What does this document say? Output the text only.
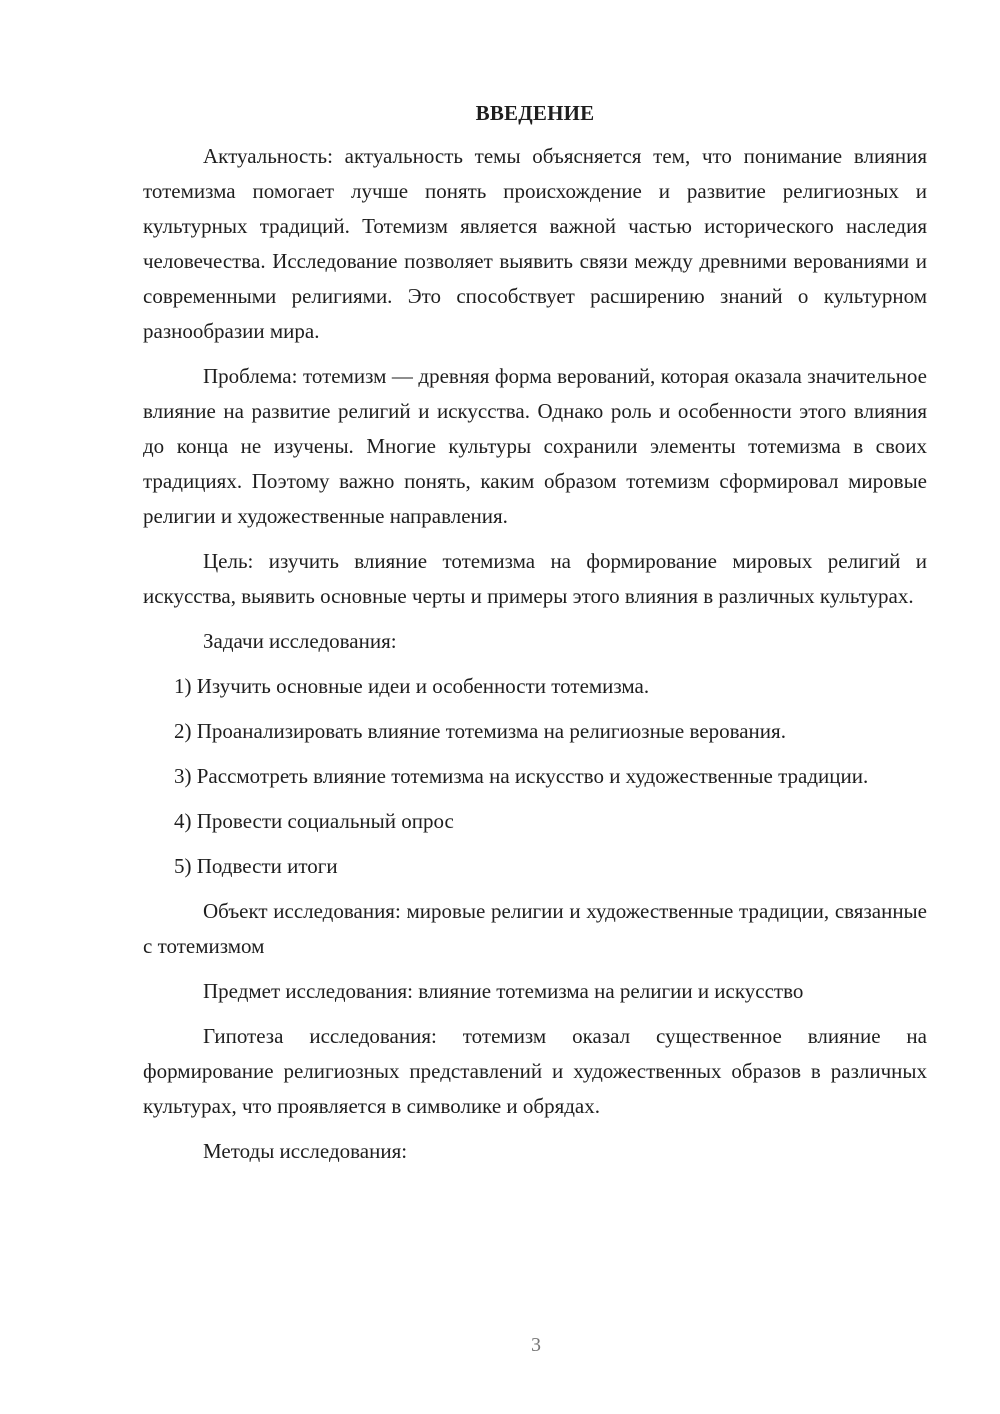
ВВЕДЕНИЕ

Актуальность: актуальность темы объясняется тем, что понимание влияния тотемизма помогает лучше понять происхождение и развитие религиозных и культурных традиций. Тотемизм является важной частью исторического наследия человечества. Исследование позволяет выявить связи между древними верованиями и современными религиями. Это способствует расширению знаний о культурном разнообразии мира.

Проблема: тотемизм — древняя форма верований, которая оказала значительное влияние на развитие религий и искусства. Однако роль и особенности этого влияния до конца не изучены. Многие культуры сохранили элементы тотемизма в своих традициях. Поэтому важно понять, каким образом тотемизм сформировал мировые религии и художественные направления.

Цель: изучить влияние тотемизма на формирование мировых религий и искусства, выявить основные черты и примеры этого влияния в различных культурах.

Задачи исследования:

1) Изучить основные идеи и особенности тотемизма.

2) Проанализировать влияние тотемизма на религиозные верования.

3) Рассмотреть влияние тотемизма на искусство и художественные традиции.

4) Провести социальный опрос

5) Подвести итоги

Объект исследования: мировые религии и художественные традиции, связанные с тотемизмом

Предмет исследования: влияние тотемизма на религии и искусство

Гипотеза исследования: тотемизм оказал существенное влияние на формирование религиозных представлений и художественных образов в различных культурах, что проявляется в символике и обрядах.

Методы исследования:

3
